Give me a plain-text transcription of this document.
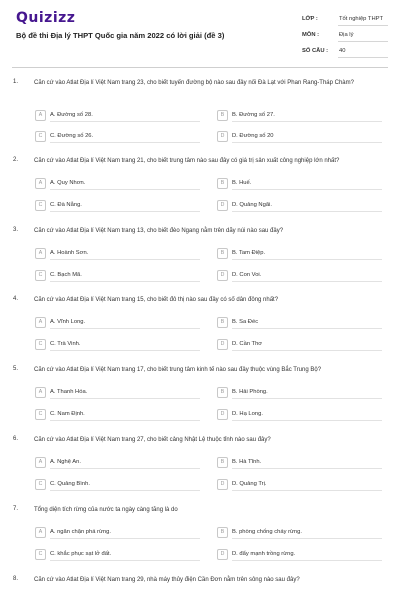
Quizizz
Bộ đề thi Địa lý THPT Quốc gia năm 2022 có lời giải (đề 3)
LỚP :	Tốt nghiệp THPT
MÔN :	Địa lý
SỐ CÂU : 40
1.	Căn cứ vào Atlat Địa lí Việt Nam trang 23, cho biết tuyến đường bộ nào sau đây nối Đà Lạt với Phan Rang-Tháp Chàm?
A	A. Đường số 28.	B	B. Đường số 27.
C	C. Đường số 26.	D	D. Đường số 20
2.	Căn cứ vào Atlat Địa lí Việt Nam trang 21, cho biết trung tâm nào sau đây có giá trị sản xuất công nghiệp lớn nhất?
A	A. Quy Nhơn.	B	B. Huế.
C	C. Đà Nẵng.	D	D. Quảng Ngãi.
3.	Căn cứ vào Atlat Địa lí Việt Nam trang 13, cho biết đèo Ngang nằm trên dãy núi nào sau đây?
A	A. Hoành Sơn.	B	B. Tam Điệp.
C	C. Bạch Mã.	D	D. Con Voi.
4.	Căn cứ vào Atlat Địa lí Việt Nam trang 15, cho biết đô thị nào sau đây có số dân đông nhất?
A	A. Vĩnh Long.	B	B. Sa Đéc
C	C. Trà Vinh.	D	D. Cần Thơ
5.	Căn cứ vào Atlat Địa lí Việt Nam trang 17, cho biết trung tâm kinh tế nào sau đây thuộc vùng Bắc Trung Bộ?
A	A. Thanh Hóa.	B	B. Hải Phòng.
C	C. Nam Định.	D	D. Hạ Long.
6.	Căn cứ vào Atlat Địa lí Việt Nam trang 27, cho biết cảng Nhật Lệ thuộc tỉnh nào sau đây?
A	A. Nghệ An.	B	B. Hà Tĩnh.
C	C. Quảng Bình.	D	D. Quảng Trị.
7.	Tổng diện tích rừng của nước ta ngày càng tăng là do
A	A. ngăn chặn phá rừng.	B	B. phòng chống cháy rừng.
C	C. khắc phục sạt lở đất.	D	D. đẩy mạnh trồng rừng.
8.	Căn cứ vào Atlat Địa lí Việt Nam trang 29, nhà máy thủy điện Cần Đơn nằm trên sông nào sau đây?
